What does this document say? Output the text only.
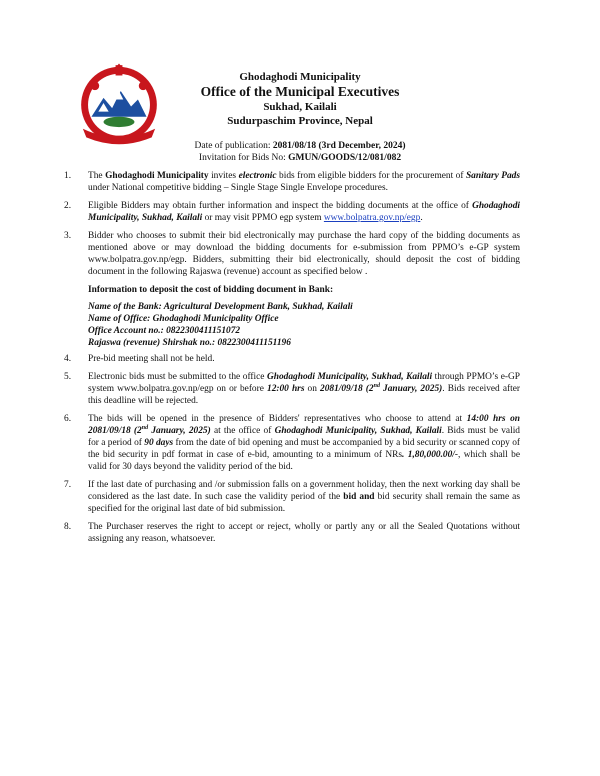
Ghodaghodi Municipality
Office of the Municipal Executives
Sukhad, Kailali
Sudurpaschim Province, Nepal
Date of publication: 2081/08/18 (3rd December, 2024)
Invitation for Bids No: GMUN/GOODS/12/081/082
1. The Ghodaghodi Municipality invites electronic bids from eligible bidders for the procurement of Sanitary Pads under National competitive bidding – Single Stage Single Envelope procedures.
2. Eligible Bidders may obtain further information and inspect the bidding documents at the office of Ghodaghodi Municipality, Sukhad, Kailali or may visit PPMO egp system www.bolpatra.gov.np/egp.
3. Bidder who chooses to submit their bid electronically may purchase the hard copy of the bidding documents as mentioned above or may download the bidding documents for e-submission from PPMO’s e-GP system www.bolpatra.gov.np/egp. Bidders, submitting their bid electronically, should deposit the cost of bidding document in the following Rajaswa (revenue) account as specified below .
Information to deposit the cost of bidding document in Bank:
Name of the Bank: Agricultural Development Bank, Sukhad, Kailali
Name of Office: Ghodaghodi Municipality Office
Office Account no.: 0822300411151072
Rajaswa (revenue) Shirshak no.: 0822300411151196
4. Pre-bid meeting shall not be held.
5. Electronic bids must be submitted to the office Ghodaghodi Municipality, Sukhad, Kailali through PPMO’s e-GP system www.bolpatra.gov.np/egp on or before 12:00 hrs on 2081/09/18 (2nd January, 2025). Bids received after this deadline will be rejected.
6. The bids will be opened in the presence of Bidders' representatives who choose to attend at 14:00 hrs on 2081/09/18 (2nd January, 2025) at the office of Ghodaghodi Municipality, Sukhad, Kailali. Bids must be valid for a period of 90 days from the date of bid opening and must be accompanied by a bid security or scanned copy of the bid security in pdf format in case of e-bid, amounting to a minimum of NRs. 1,80,000.00/-, which shall be valid for 30 days beyond the validity period of the bid.
7. If the last date of purchasing and /or submission falls on a government holiday, then the next working day shall be considered as the last date. In such case the validity period of the bid and bid security shall remain the same as specified for the original last date of bid submission.
8. The Purchaser reserves the right to accept or reject, wholly or partly any or all the Sealed Quotations without assigning any reason, whatsoever.
